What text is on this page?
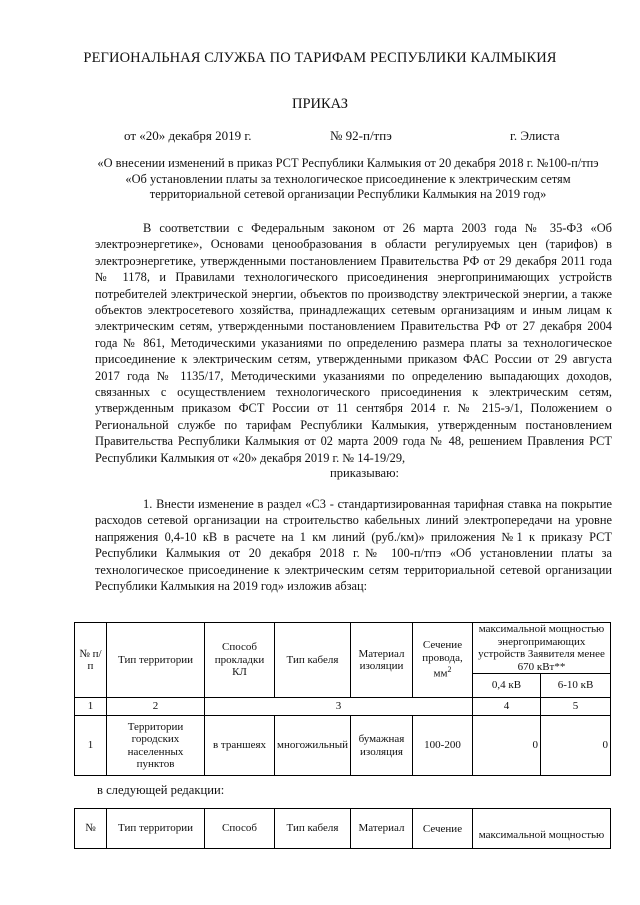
РЕГИОНАЛЬНАЯ СЛУЖБА ПО ТАРИФАМ РЕСПУБЛИКИ КАЛМЫКИЯ
ПРИКАЗ
от «20» декабря 2019 г.	№ 92-п/тпэ	г. Элиста
«О внесении изменений в приказ РСТ Республики Калмыкия от 20 декабря 2018 г. №100-п/тпэ «Об установлении платы за технологическое присоединение к электрическим сетям территориальной сетевой организации Республики Калмыкия на 2019 год»

В соответствии с Федеральным законом от 26 марта 2003 года № 35-ФЗ «Об электроэнергетике», Основами ценообразования в области регулируемых цен (тарифов) в электроэнергетике, утвержденными постановлением Правительства РФ от 29 декабря 2011 года № 1178, и Правилами технологического присоединения энергопринимающих устройств потребителей электрической энергии, объектов по производству электрической энергии, а также объектов электросетевого хозяйства, принадлежащих сетевым организациям и иным лицам к электрическим сетям, утвержденными постановлением Правительства РФ от 27 декабря 2004 года № 861, Методическими указаниями по определению размера платы за технологическое присоединение к электрическим сетям, утвержденными приказом ФАС России от 29 августа 2017 года № 1135/17, Методическими указаниями по определению выпадающих доходов, связанных с осуществлением технологического присоединения к электрическим сетям, утвержденным приказом ФСТ России от 11 сентября 2014 г. № 215-э/1, Положением о Региональной службе по тарифам Республики Калмыкия, утвержденным постановлением Правительства Республики Калмыкия от 02 марта 2009 года № 48, решением Правления РСТ Республики Калмыкия от «20» декабря 2019 г. № 14-19/29,

приказываю:

1. Внести изменение в раздел «С3 - стандартизированная тарифная ставка на покрытие расходов сетевой организации на строительство кабельных линий электропередачи на уровне напряжения 0,4-10 кВ в расчете на 1 км линий (руб./км)» приложения №1 к приказу РСТ Республики Калмыкия от 20 декабря 2018 г.№ 100-п/тпэ «Об установлении платы за технологическое присоединение к электрическим сетям территориальной сетевой организации Республики Калмыкия на 2019 год» изложив абзац:

№ п/п	Тип территории	Способ прокладки КЛ	Тип кабеля	Материал изоляции	Сечение провода, $мм^2$	максимальной мощностью энергопримающих устройств Заявителя менее 670 кВт**	
						0,4 кВ	6-10 кВ
1	2	3				4	5
1	Территории городских населенных пунктов	в траншеях	многожильный	бумажная изоляция	100-200	0	0
в следующей редакции:
№	Тип территории	Способ	Тип кабеля	Материал	Сечение	максимальной мощностью
